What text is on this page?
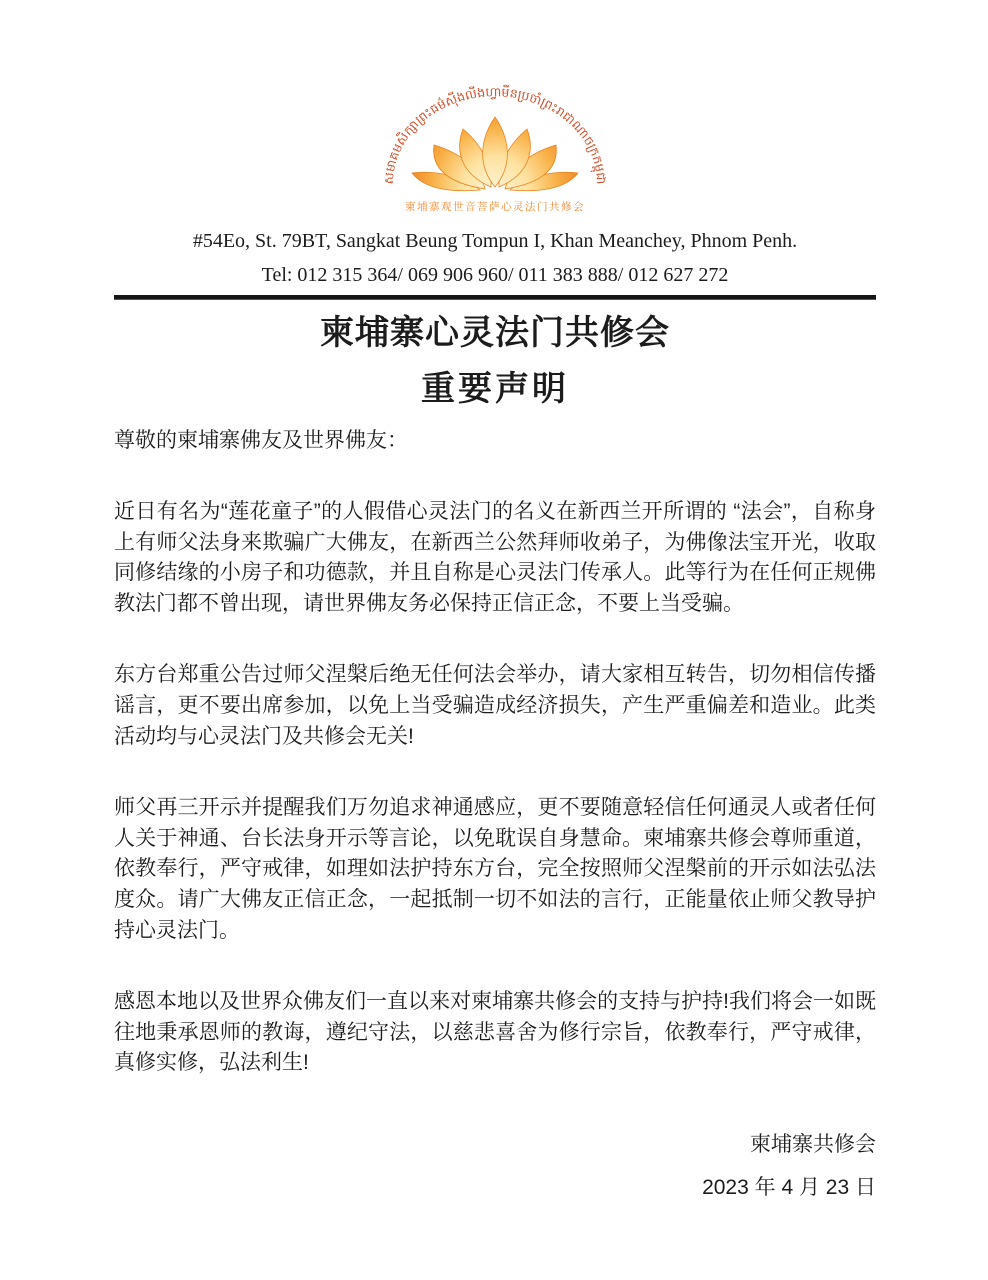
សមាគមសិក្សាព្រះធម៌ស៊ីងលីងហ្វាមីនប្រចាំព្រះរាជាណាចក្រកម្ពុជា
柬埔寨观世音菩萨心灵法门共修会
#54Eo, St. 79BT, Sangkat Beung Tompun I, Khan Meanchey, Phnom Penh.
Tel: 012 315 364/ 069 906 960/ 011 383 888/ 012 627 272
柬埔寨心灵法门共修会
重要声明

尊敬的柬埔寨佛友及世界佛友：

近日有名为“莲花童子”的人假借心灵法门的名义在新西兰开所谓的 “法会”，自称身上有师父法身来欺骗广大佛友，在新西兰公然拜师收弟子，为佛像法宝开光，收取同修结缘的小房子和功德款，并且自称是心灵法门传承人。此等行为在任何正规佛教法门都不曾出现，请世界佛友务必保持正信正念，不要上当受骗。

东方台郑重公告过师父涅槃后绝无任何法会举办，请大家相互转告，切勿相信传播谣言，更不要出席参加，以免上当受骗造成经济损失，产生严重偏差和造业。此类活动均与心灵法门及共修会无关!

师父再三开示并提醒我们万勿追求神通感应，更不要随意轻信任何通灵人或者任何人关于神通、台长法身开示等言论，以免耽误自身慧命。柬埔寨共修会尊师重道，依教奉行，严守戒律，如理如法护持东方台，完全按照师父涅槃前的开示如法弘法度众。请广大佛友正信正念，一起抵制一切不如法的言行，正能量依止师父教导护持心灵法门。

感恩本地以及世界众佛友们一直以来对柬埔寨共修会的支持与护持!我们将会一如既往地秉承恩师的教诲，遵纪守法，以慈悲喜舍为修行宗旨，依教奉行，严守戒律，真修实修，弘法利生!

柬埔寨共修会
2023 年 4 月 23 日
